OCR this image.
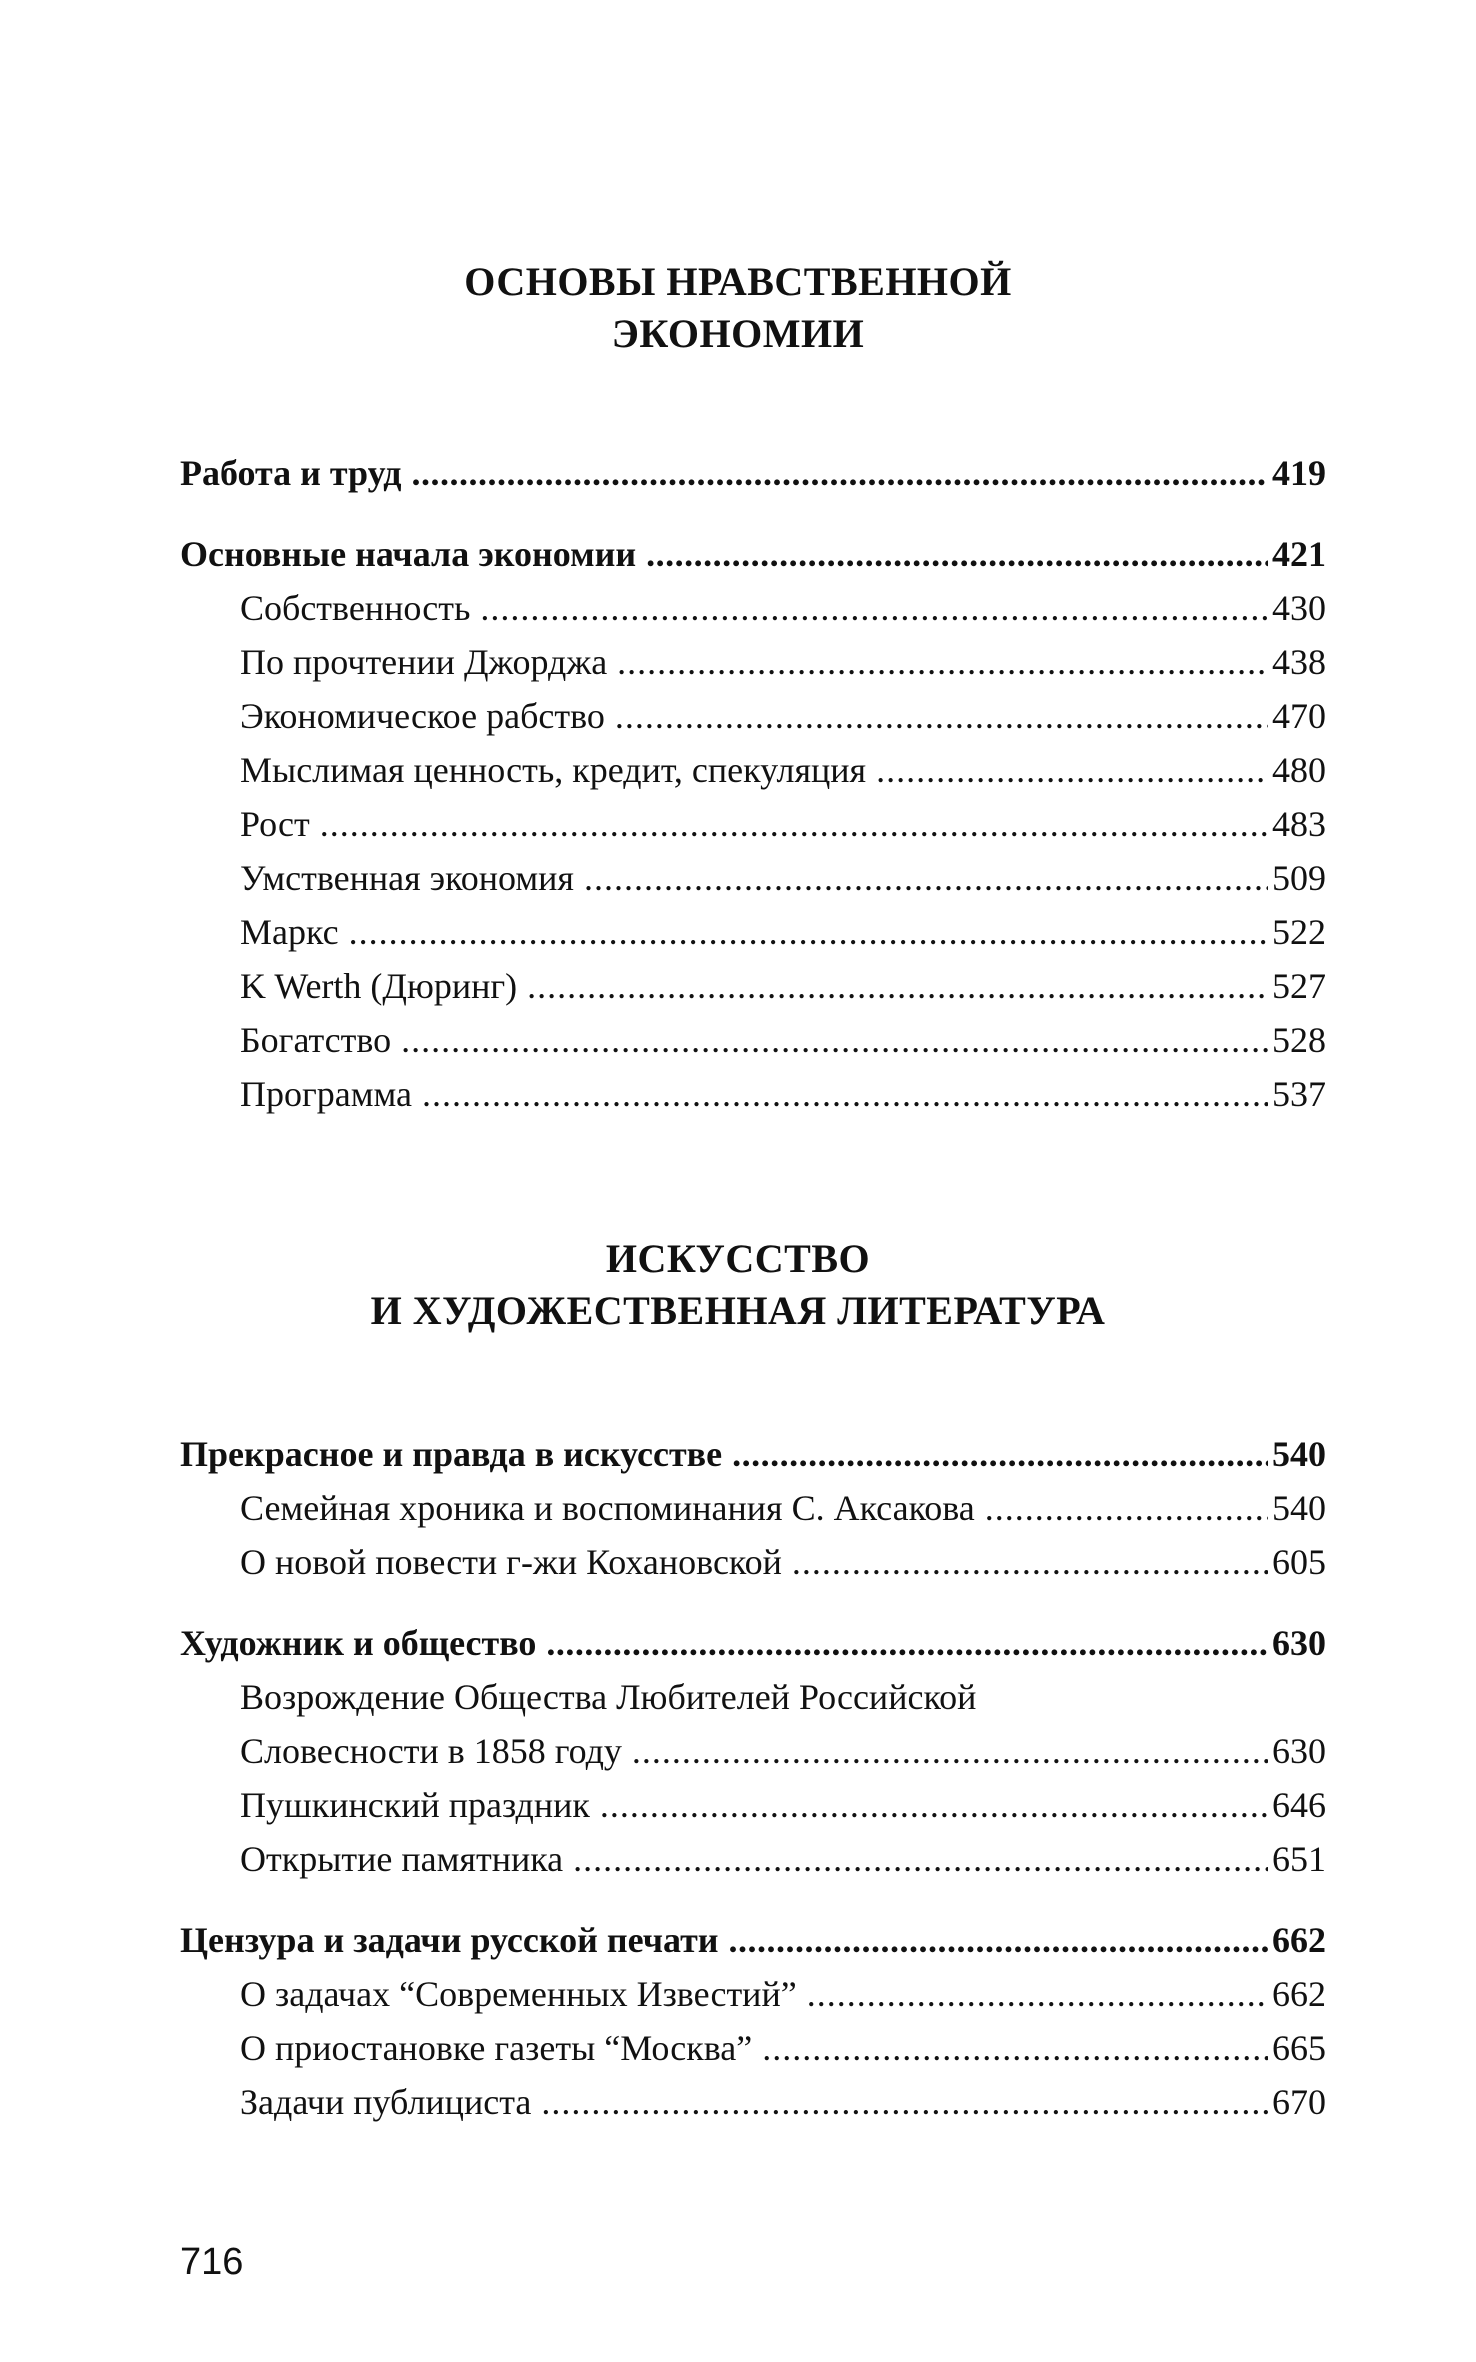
ОСНОВЫ НРАВСТВЕННОЙ
ЭКОНОМИИ
Работа и труд .....	419
Основные начала экономии .....	421
Собственность .....	430
По прочтении Джорджа .....	438
Экономическое рабство .....	470
Мыслимая ценность, кредит, спекуляция .....	480
Рост .....	483
Умственная экономия .....	509
Маркс .....	522
K Werth (Дюринг) .....	527
Богатство .....	528
Программа .....	537
ИСКУССТВО
И ХУДОЖЕСТВЕННАЯ ЛИТЕРАТУРА
Прекрасное и правда в искусстве .....	540
Семейная хроника и воспоминания С. Аксакова .....	540
О новой повести г-жи Кохановской .....	605
Художник и общество .....	630
Возрождение Общества Любителей Российской
Словесности в 1858 году .....	630
Пушкинский праздник .....	646
Открытие памятника .....	651
Цензура и задачи русской печати .....	662
О задачах “Современных Известий” .....	662
О приостановке газеты “Москва” .....	665
Задачи публициста .....	670
716
